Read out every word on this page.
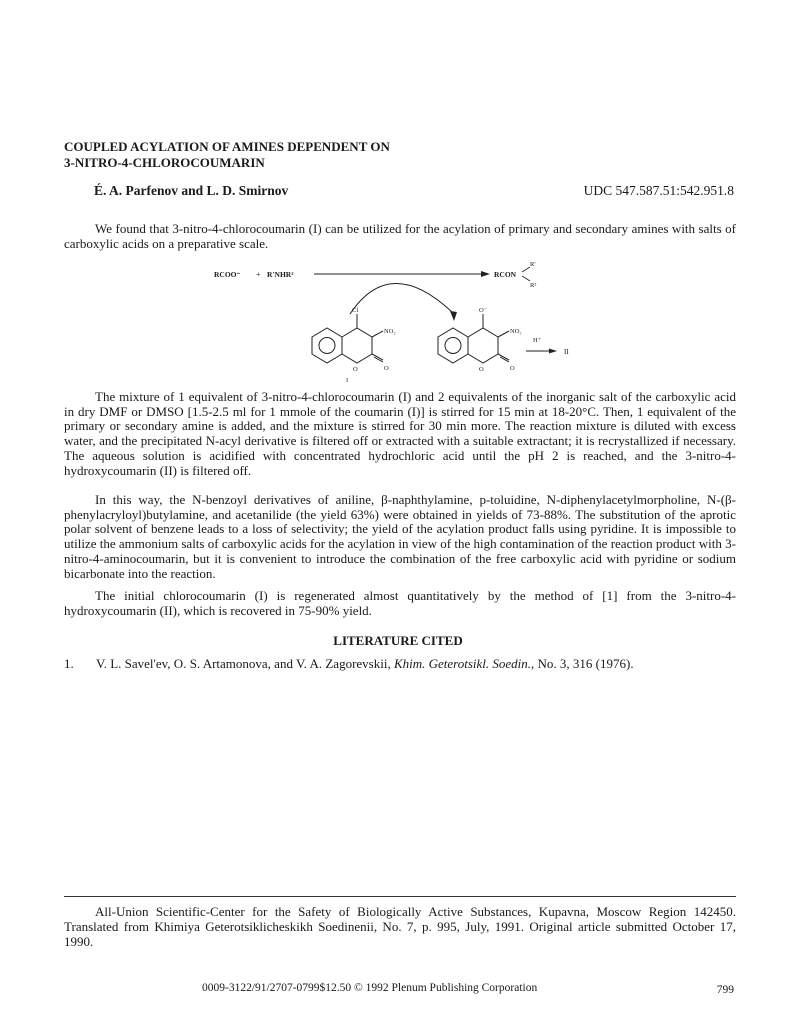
COUPLED ACYLATION OF AMINES DEPENDENT ON
3-NITRO-4-CHLOROCOUMARIN
É. A. Parfenov and L. D. Smirnov	UDC 547.587.51:542.951.8

We found that 3-nitro-4-chlorocoumarin (I) can be utilized for the acylation of primary and secondary amines with salts of carboxylic acids on a preparative scale.

RCOO⁻ + R′NHR²	RCON
R′
R²
Cl
NO₂
O	O
I
O⁻
NO₂
O	O
H⁺
II

The mixture of 1 equivalent of 3-nitro-4-chlorocoumarin (I) and 2 equivalents of the inorganic salt of the carboxylic acid in dry DMF or DMSO [1.5-2.5 ml for 1 mmole of the coumarin (I)] is stirred for 15 min at 18-20°C. Then, 1 equivalent of the primary or secondary amine is added, and the mixture is stirred for 30 min more. The reaction mixture is diluted with excess water, and the precipitated N-acyl derivative is filtered off or extracted with a suitable extractant; it is recrystallized if necessary. The aqueous solution is acidified with concentrated hydrochloric acid until the pH 2 is reached, and the 3-nitro-4-hydroxycoumarin (II) is filtered off.

In this way, the N-benzoyl derivatives of aniline, β-naphthylamine, p-toluidine, N-diphenylacetylmorpholine, N-(β-phenylacryloyl)butylamine, and acetanilide (the yield 63%) were obtained in yields of 73-88%. The substitution of the aprotic polar solvent of benzene leads to a loss of selectivity; the yield of the acylation product falls using pyridine. It is impossible to utilize the ammonium salts of carboxylic acids for the acylation in view of the high contamination of the reaction product with 3-nitro-4-aminocoumarin, but it is convenient to introduce the combination of the free carboxylic acid with pyridine or sodium bicarbonate into the reaction.

The initial chlorocoumarin (I) is regenerated almost quantitatively by the method of [1] from the 3-nitro-4-hydroxycoumarin (II), which is recovered in 75-90% yield.

LITERATURE CITED
1. V. L. Savel'ev, O. S. Artamonova, and V. A. Zagorevskii, Khim. Geterotsikl. Soedin., No. 3, 316 (1976).

All-Union Scientific-Center for the Safety of Biologically Active Substances, Kupavna, Moscow Region 142450. Translated from Khimiya Geterotsiklicheskikh Soedinenii, No. 7, p. 995, July, 1991. Original article submitted October 17, 1990.

0009-3122/91/2707-0799$12.50 © 1992 Plenum Publishing Corporation	799
